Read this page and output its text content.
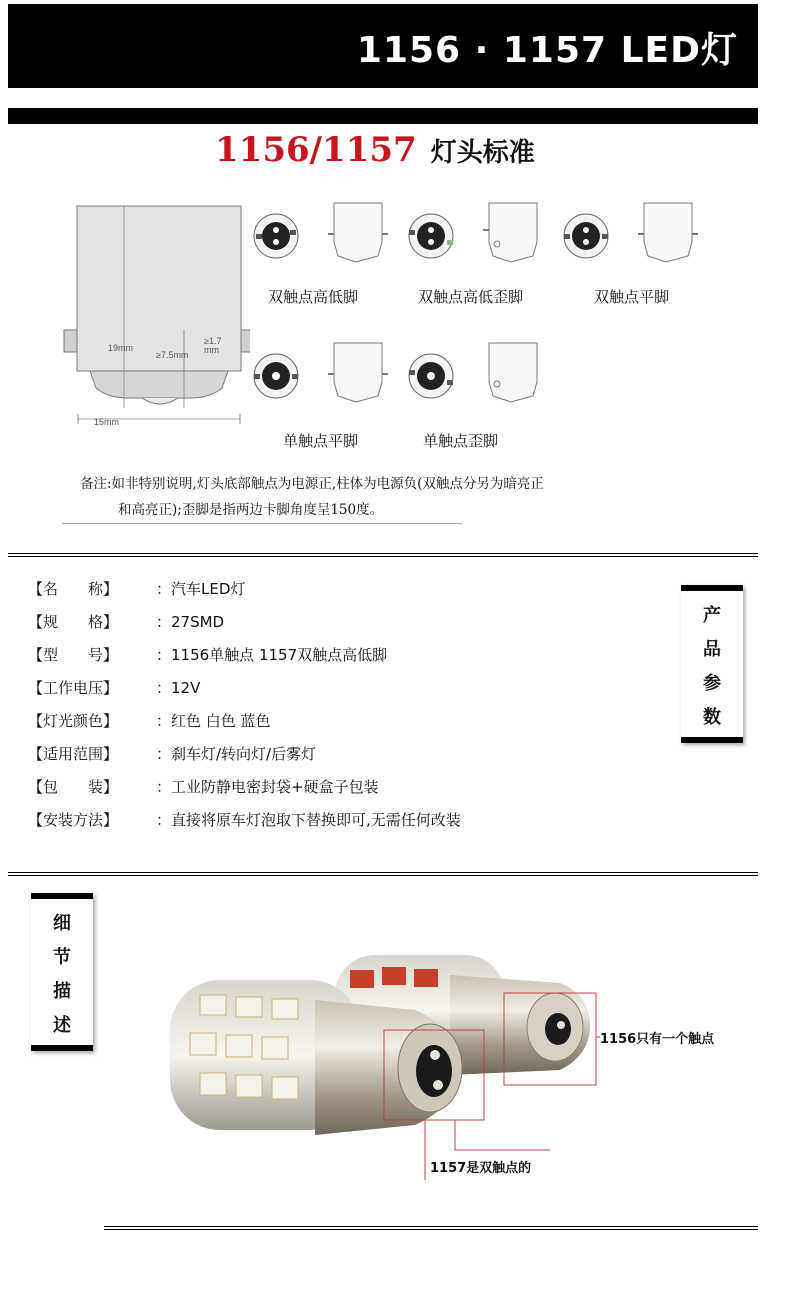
1156 · 1157 LED灯
1156/1157 灯头标准
19mm
≥7.5mm
≥1.7
mm
15mm
双触点高低脚	双触点高低歪脚	双触点平脚
单触点平脚	单触点歪脚
备注:如非特别说明,灯头底部触点为电源正,柱体为电源负(双触点分另为暗亮正
和高亮正);歪脚是指两边卡脚角度呈150度。
【名　　称】	：汽车LED灯
【规　　格】	：27SMD
【型　　号】	：1156单触点 1157双触点高低脚
【工作电压】	：12V
【灯光颜色】	：红色 白色 蓝色
【适用范围】	：刹车灯/转向灯/后雾灯
【包　　装】	：工业防静电密封袋+硬盒子包装
【安装方法】	：直接将原车灯泡取下替换即可,无需任何改装
产
品
参
数
细
节
描
述
1156只有一个触点
1157是双触点的
